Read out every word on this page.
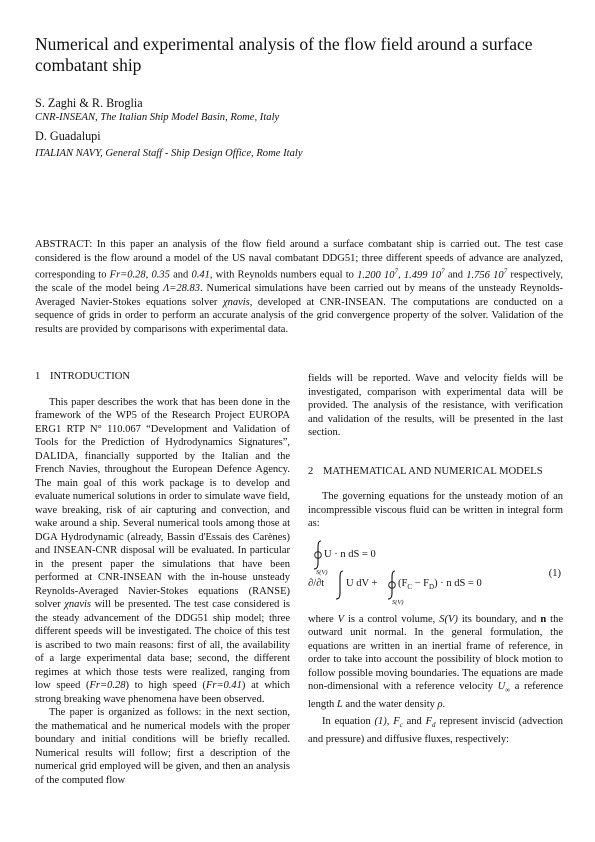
Numerical and experimental analysis of the flow field around a surface combatant ship
S. Zaghi & R. Broglia
CNR-INSEAN, The Italian Ship Model Basin, Rome, Italy
D. Guadalupi
ITALIAN NAVY, General Staff - Ship Design Office, Rome Italy

ABSTRACT: In this paper an analysis of the flow field around a surface combatant ship is carried out. The test case considered is the flow around a model of the US naval combatant DDG51; three different speeds of advance are analyzed, corresponding to Fr=0.28, 0.35 and 0.41, with Reynolds numbers equal to 1.200 $10^7$, 1.499 $10^7$ and 1.756 $10^7$ respectively, the scale of the model being Λ=28.83. Numerical simulations have been carried out by means of the unsteady Reynolds-Averaged Navier-Stokes equations solver χnavis, developed at CNR-INSEAN. The computations are conducted on a sequence of grids in order to perform an accurate analysis of the grid convergence property of the solver. Validation of the results are provided by comparisons with experimental data.

1 INTRODUCTION

This paper describes the work that has been done in the framework of the WP5 of the Research Project EUROPA ERG1 RTP N° 110.067 “Development and Validation of Tools for the Prediction of Hydrodynamics Signatures”, DALIDA, financially supported by the Italian and the French Navies, throughout the European Defence Agency. The main goal of this work package is to develop and evaluate numerical solutions in order to simulate wave field, wave breaking, risk of air capturing and convection, and wake around a ship. Several numerical tools among those at DGA Hydrodynamic (already, Bassin d'Essais des Carènes) and INSEAN-CNR disposal will be evaluated. In particular in the present paper the simulations that have been performed at CNR-INSEAN with the in-house unsteady Reynolds-Averaged Navier-Stokes equations (RANSE) solver χnavis will be presented. The test case considered is the steady advancement of the DDG51 ship model; three different speeds will be investigated. The choice of this test is ascribed to two main reasons: first of all, the availability of a large experimental data base; second, the different regimes at which those tests were realized, ranging from low speed (Fr=0.28) to high speed (Fr=0.41) at which strong breaking wave phenomena have been observed.

The paper is organized as follows: in the next section, the mathematical and he numerical models with the proper boundary and initial conditions will be briefly recalled. Numerical results will follow; first a description of the numerical grid employed will be given, and then an analysis of the computed flow

fields will be reported. Wave and velocity fields will be investigated, comparison with experimental data will be provided. The analysis of the resistance, with verification and validation of the results, will be presented in the last section.

2 MATHEMATICAL AND NUMERICAL MODELS

The governing equations for the unsteady motion of an incompressible viscous fluid can be written in integral form as:

U · n dS = 0
S(V)
∂/∂t U dV + $(F_C - F_D) \cdot n$ dS = 0
S(V)
(1)

where V is a control volume, S(V) its boundary, and n the outward unit normal. In the general formulation, the equations are written in an inertial frame of reference, in order to take into account the possibility of block motion to follow possible moving boundaries. The equations are made non-dimensional with a reference velocity $U_\infty$ a reference length L and the water density ρ.

In equation (1), $F_c$ and $F_d$ represent inviscid (advection and pressure) and diffusive fluxes, respectively:
